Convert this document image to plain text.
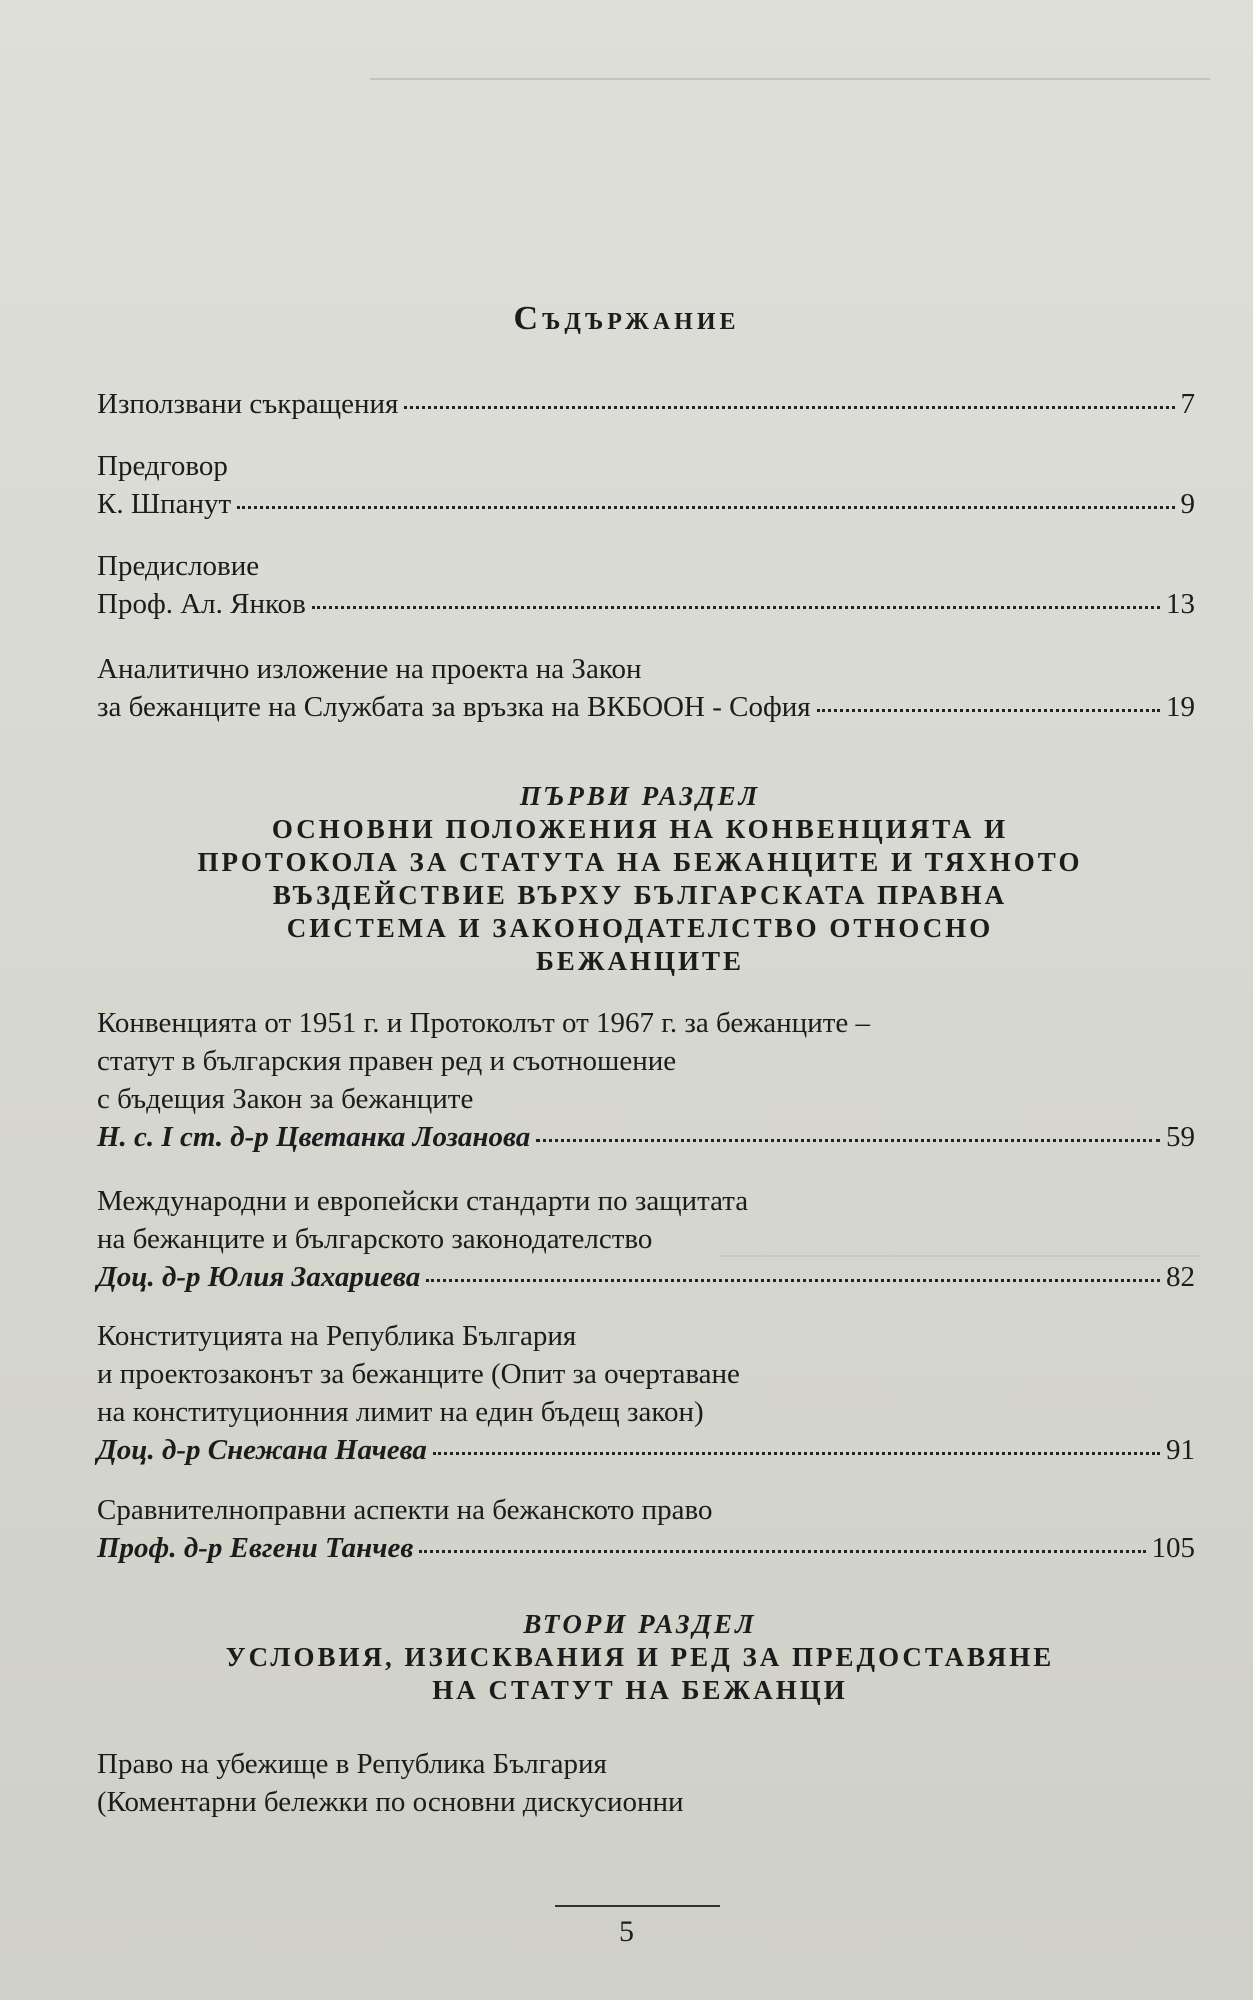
Съдържание
Използвани съкращения	7
Предговор
К. Шпанут	9
Предисловие
Проф. Ал. Янков	13
Аналитично изложение на проекта на Закон
за бежанците на Службата за връзка на ВКБООН - София	19
ПЪРВИ РАЗДЕЛ
ОСНОВНИ ПОЛОЖЕНИЯ НА КОНВЕНЦИЯТА И
ПРОТОКОЛА ЗА СТАТУТА НА БЕЖАНЦИТЕ И ТЯХНОТО
ВЪЗДЕЙСТВИЕ ВЪРХУ БЪЛГАРСКАТА ПРАВНА
СИСТЕМА И ЗАКОНОДАТЕЛСТВО ОТНОСНО
БЕЖАНЦИТЕ
Конвенцията от 1951 г. и Протоколът от 1967 г. за бежанците –
статут в българския правен ред и съотношение
с бъдещия Закон за бежанците
Н. с. I ст. д-р Цветанка Лозанова	59
Международни и европейски стандарти по защитата
на бежанците и българското законодателство
Доц. д-р Юлия Захариева	82
Конституцията на Република България
и проектозаконът за бежанците (Опит за очертаване
на конституционния лимит на един бъдещ закон)
Доц. д-р Снежана Начева	91
Сравнителноправни аспекти на бежанското право
Проф. д-р Евгени Танчев	105
ВТОРИ РАЗДЕЛ
УСЛОВИЯ, ИЗИСКВАНИЯ И РЕД ЗА ПРЕДОСТАВЯНЕ
НА СТАТУТ НА БЕЖАНЦИ
Право на убежище в Република България
(Коментарни бележки по основни дискусионни
5
